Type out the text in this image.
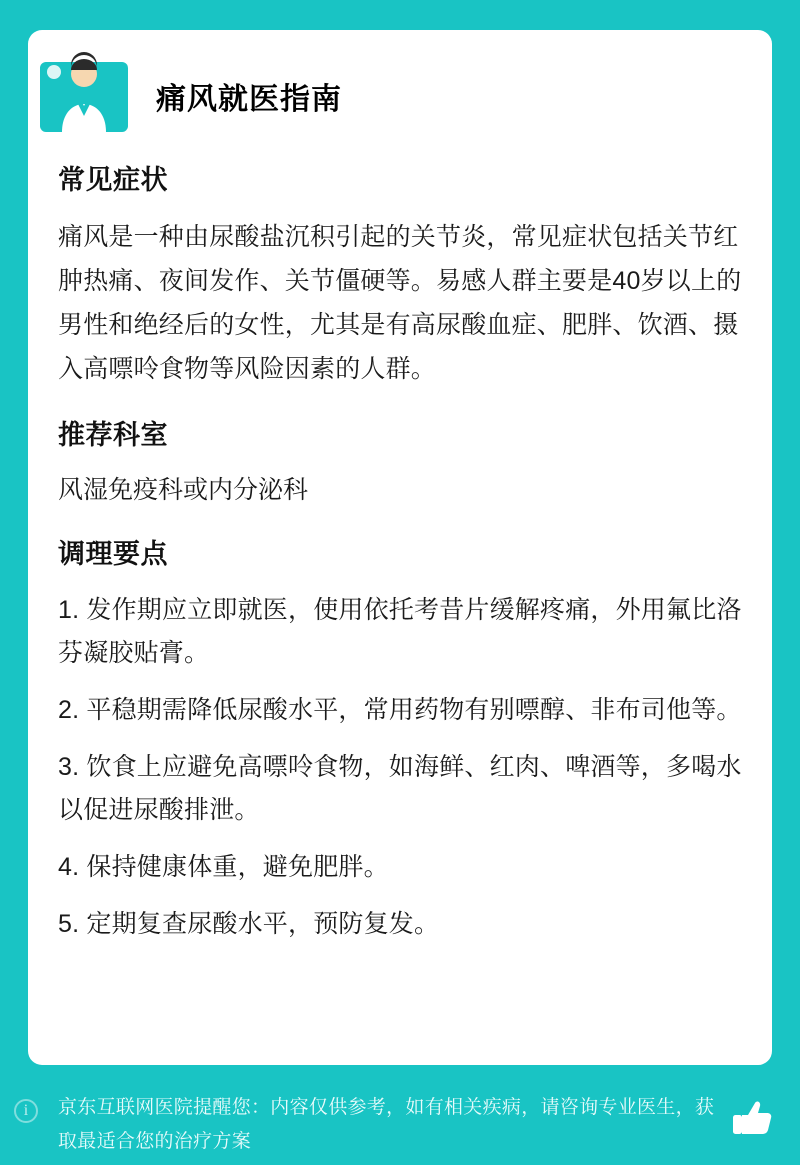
痛风就医指南
常见症状

痛风是一种由尿酸盐沉积引起的关节炎，常见症状包括关节红肿热痛、夜间发作、关节僵硬等。易感人群主要是40岁以上的男性和绝经后的女性，尤其是有高尿酸血症、肥胖、饮酒、摄入高嘌呤食物等风险因素的人群。

推荐科室

风湿免疫科或内分泌科

调理要点
1. 发作期应立即就医，使用依托考昔片缓解疼痛，外用氟比洛芬凝胶贴膏。
2. 平稳期需降低尿酸水平，常用药物有别嘌醇、非布司他等。
3. 饮食上应避免高嘌呤食物，如海鲜、红肉、啤酒等，多喝水以促进尿酸排泄。
4. 保持健康体重，避免肥胖。
5. 定期复查尿酸水平，预防复发。
i	京东互联网医院提醒您：内容仅供参考，如有相关疾病，请咨询专业医生，获取最适合您的治疗方案
